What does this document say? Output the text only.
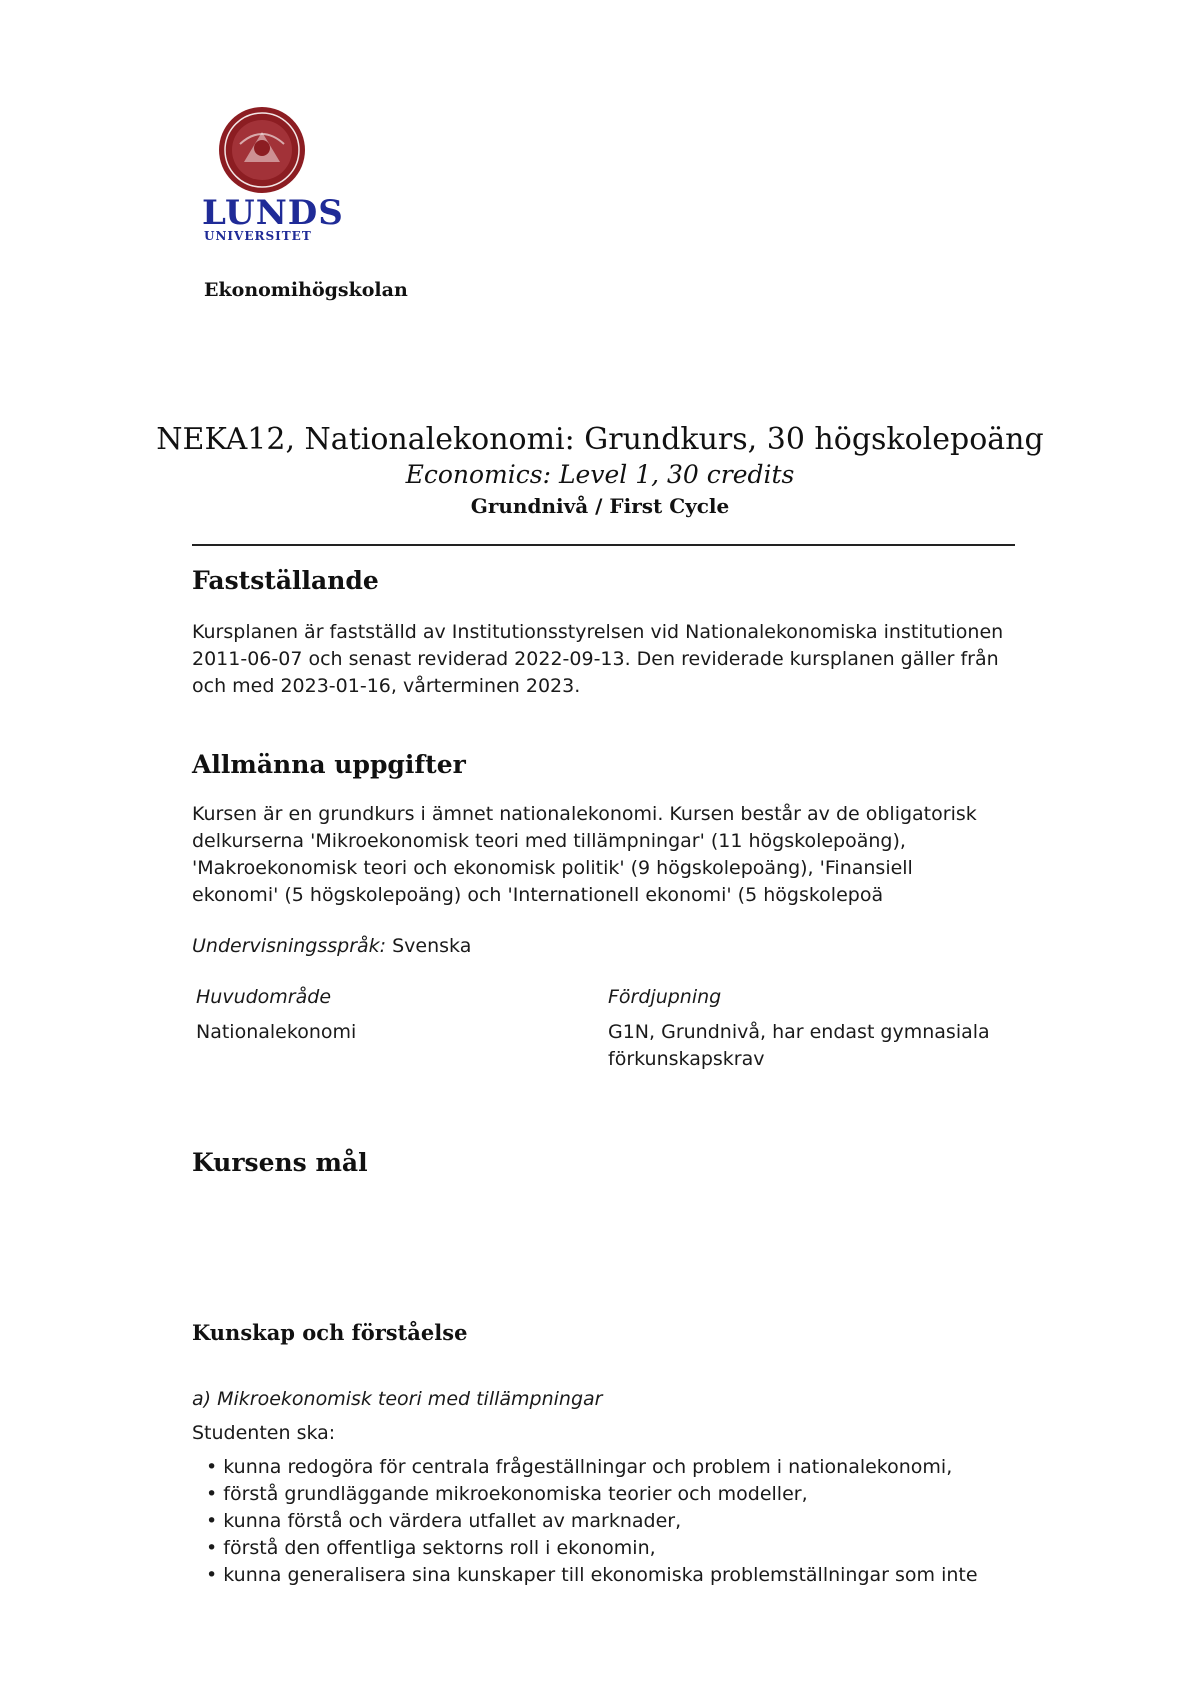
LUNDS
UNIVERSITET
Ekonomihögskolan
NEKA12, Nationalekonomi: Grundkurs, 30 högskolepoäng
Economics: Level 1, 30 credits
Grundnivå / First Cycle
Fastställande
Kursplanen är fastställd av Institutionsstyrelsen vid Nationalekonomiska institutionen
2011-06-07 och senast reviderad 2022-09-13. Den reviderade kursplanen gäller från
och med 2023-01-16, vårterminen 2023.
Allmänna uppgifter
Kursen är en grundkurs i ämnet nationalekonomi. Kursen består av de obligatorisk
delkurserna 'Mikroekonomisk teori med tillämpningar' (11 högskolepoäng),
'Makroekonomisk teori och ekonomisk politik' (9 högskolepoäng), 'Finansiell
ekonomi' (5 högskolepoäng) och 'Internationell ekonomi' (5 högskolepoä
Undervisningsspråk: Svenska
Huvudområde
Nationalekonomi
Fördjupning
G1N, Grundnivå, har endast gymnasiala
förkunskapskrav
Kursens mål
Kunskap och förståelse
a) Mikroekonomisk teori med tillämpningar
Studenten ska:
• kunna redogöra för centrala frågeställningar och problem i nationalekonomi,
• förstå grundläggande mikroekonomiska teorier och modeller,
• kunna förstå och värdera utfallet av marknader,
• förstå den offentliga sektorns roll i ekonomin,
• kunna generalisera sina kunskaper till ekonomiska problemställningar som inte
